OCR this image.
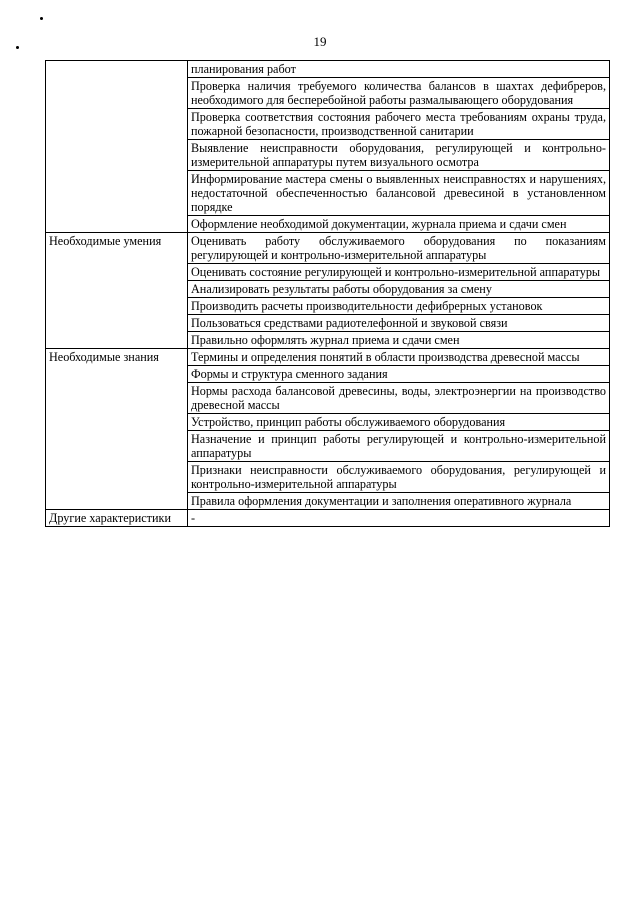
19
	планирования работ
	Проверка наличия требуемого количества балансов в шахтах дефибреров, необходимого для бесперебойной работы размалывающего оборудования
	Проверка соответствия состояния рабочего места требованиям охраны труда, пожарной безопасности, производственной санитарии
	Выявление неисправности оборудования, регулирующей и контрольно-измерительной аппаратуры путем визуального осмотра
	Информирование мастера смены о выявленных неисправностях и нарушениях, недостаточной обеспеченностью балансовой древесиной в установленном порядке
	Оформление необходимой документации, журнала приема и сдачи смен
Необходимые умения	Оценивать работу обслуживаемого оборудования по показаниям регулирующей и контрольно-измерительной аппаратуры
	Оценивать состояние регулирующей и контрольно-измерительной аппаратуры
	Анализировать результаты работы оборудования за смену
	Производить расчеты производительности дефибрерных установок
	Пользоваться средствами радиотелефонной и звуковой связи
	Правильно оформлять журнал приема и сдачи смен
Необходимые знания	Термины и определения понятий в области производства древесной массы
	Формы и структура сменного задания
	Нормы расхода балансовой древесины, воды, электроэнергии на производство древесной массы
	Устройство, принцип работы обслуживаемого оборудования
	Назначение и принцип работы регулирующей и контрольно-измерительной аппаратуры
	Признаки неисправности обслуживаемого оборудования, регулирующей и контрольно-измерительной аппаратуры
	Правила оформления документации и заполнения оперативного журнала
Другие характеристики	-
